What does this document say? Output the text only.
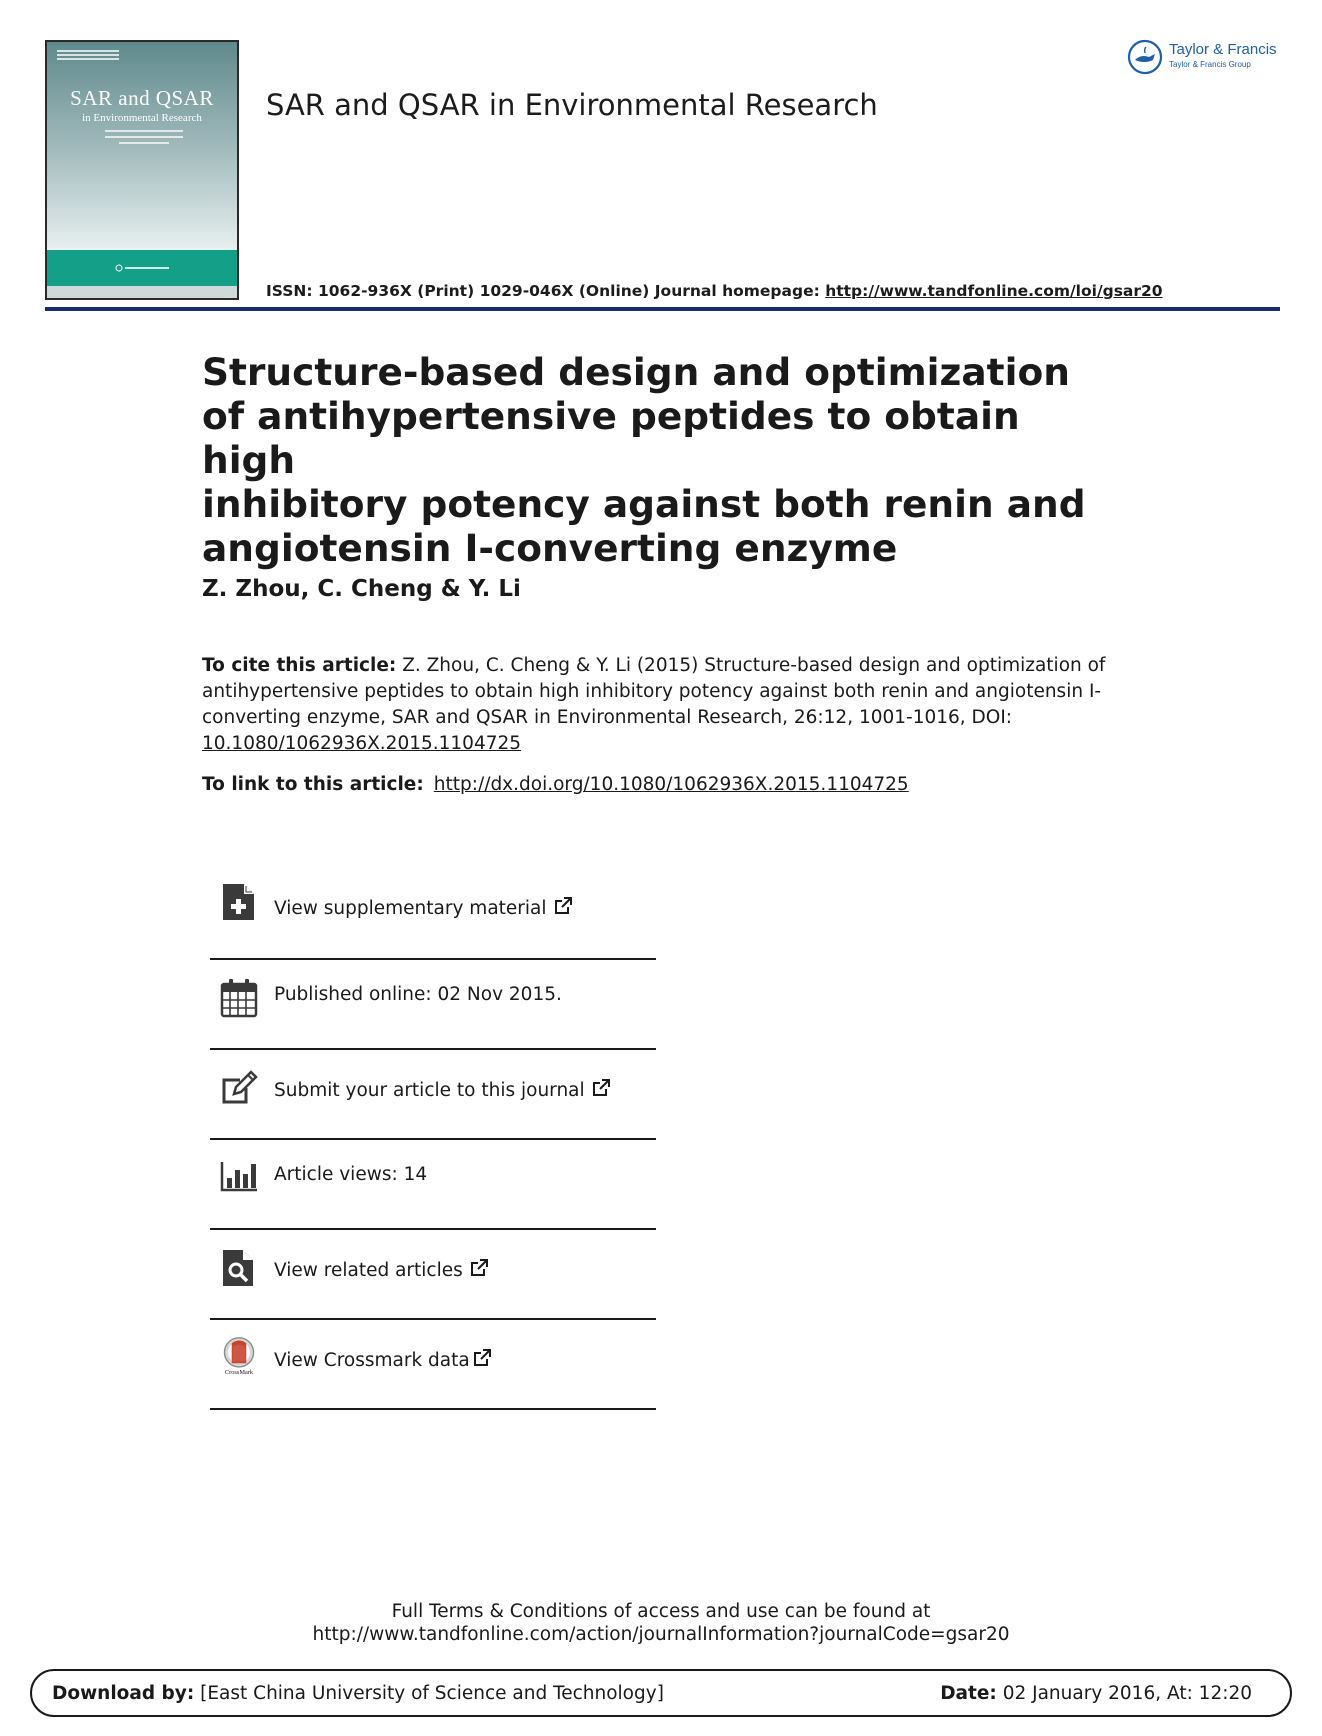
SAR and QSAR
in Environmental Research	SAR and QSAR in Environmental Research
Taylor & Francis
Taylor & Francis Group
ISSN: 1062-936X (Print) 1029-046X (Online) Journal homepage: http://www.tandfonline.com/loi/gsar20
Structure-based design and optimization
of antihypertensive peptides to obtain high
inhibitory potency against both renin and
angiotensin I-converting enzyme
Z. Zhou, C. Cheng & Y. Li
To cite this article: Z. Zhou, C. Cheng & Y. Li (2015) Structure-based design and optimization of antihypertensive peptides to obtain high inhibitory potency against both renin and angiotensin I-converting enzyme, SAR and QSAR in Environmental Research, 26:12, 1001-1016, DOI:
10.1080/1062936X.2015.1104725
To link to this article: http://dx.doi.org/10.1080/1062936X.2015.1104725
View supplementary material
Published online: 02 Nov 2015.
Submit your article to this journal
Article views: 14
View related articles
CrossMark
View Crossmark data
Full Terms & Conditions of access and use can be found at
http://www.tandfonline.com/action/journalInformation?journalCode=gsar20
Download by: [East China University of Science and Technology]	Date: 02 January 2016, At: 12:20
